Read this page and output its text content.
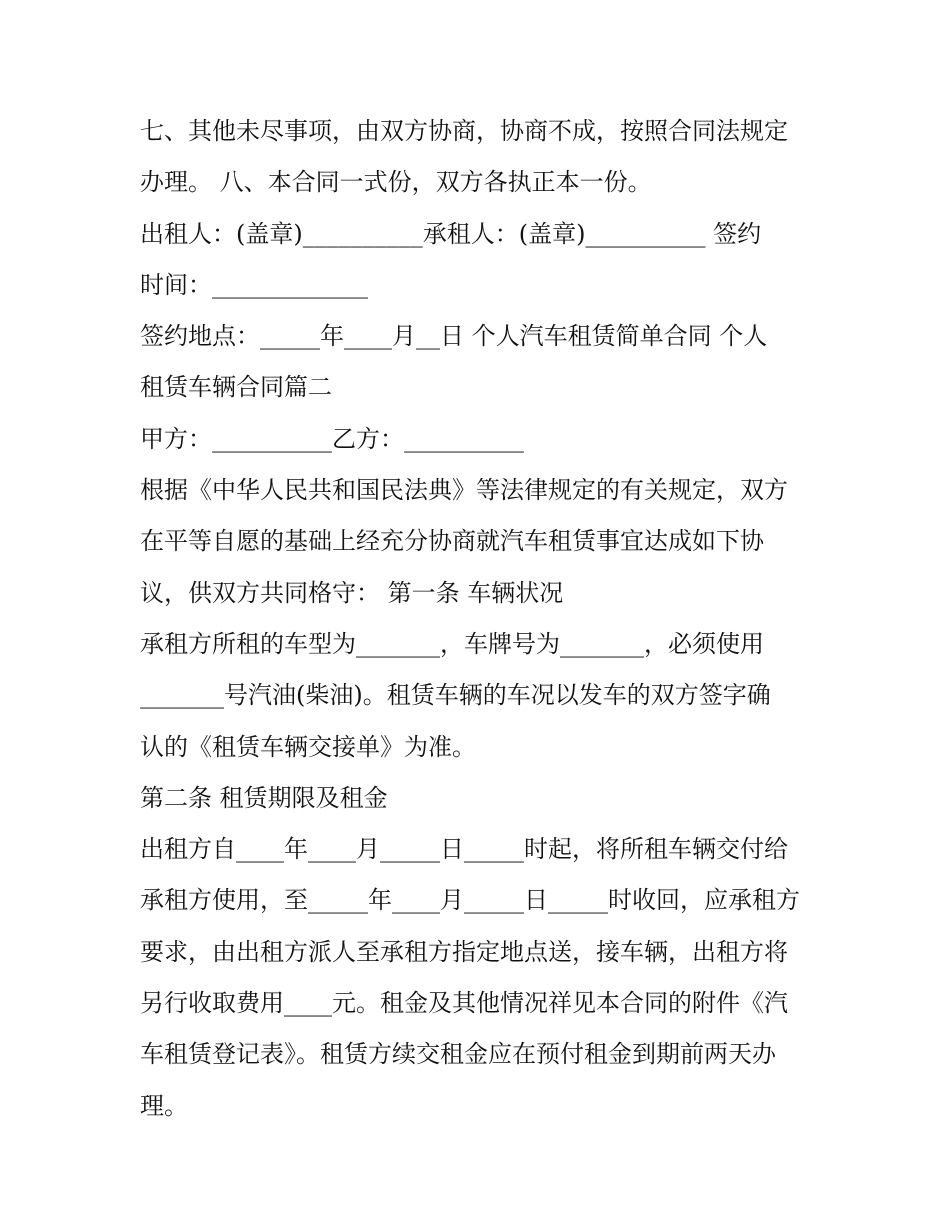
七、其他未尽事项，由双方协商，协商不成，按照合同法规定

办理。 八、本合同一式份，双方各执正本一份。

出租人：(盖章)__________承租人：(盖章)__________ 签约

时间：_____________

签约地点：_____年____月__日 个人汽车租赁简单合同 个人

租赁车辆合同篇二

甲方：__________乙方：__________

根据《中华人民共和国民法典》等法律规定的有关规定，双方

在平等自愿的基础上经充分协商就汽车租赁事宜达成如下协

议，供双方共同格守： 第一条 车辆状况

承租方所租的车型为_______，车牌号为_______，必须使用

_______号汽油(柴油)。租赁车辆的车况以发车的双方签字确

认的《租赁车辆交接单》为准。

第二条 租赁期限及租金

出租方自____年____月_____日_____时起，将所租车辆交付给

承租方使用，至_____年____月_____日_____时收回，应承租方

要求，由出租方派人至承租方指定地点送，接车辆，出租方将

另行收取费用____元。租金及其他情况祥见本合同的附件《汽

车租赁登记表》。租赁方续交租金应在预付租金到期前两天办

理。
